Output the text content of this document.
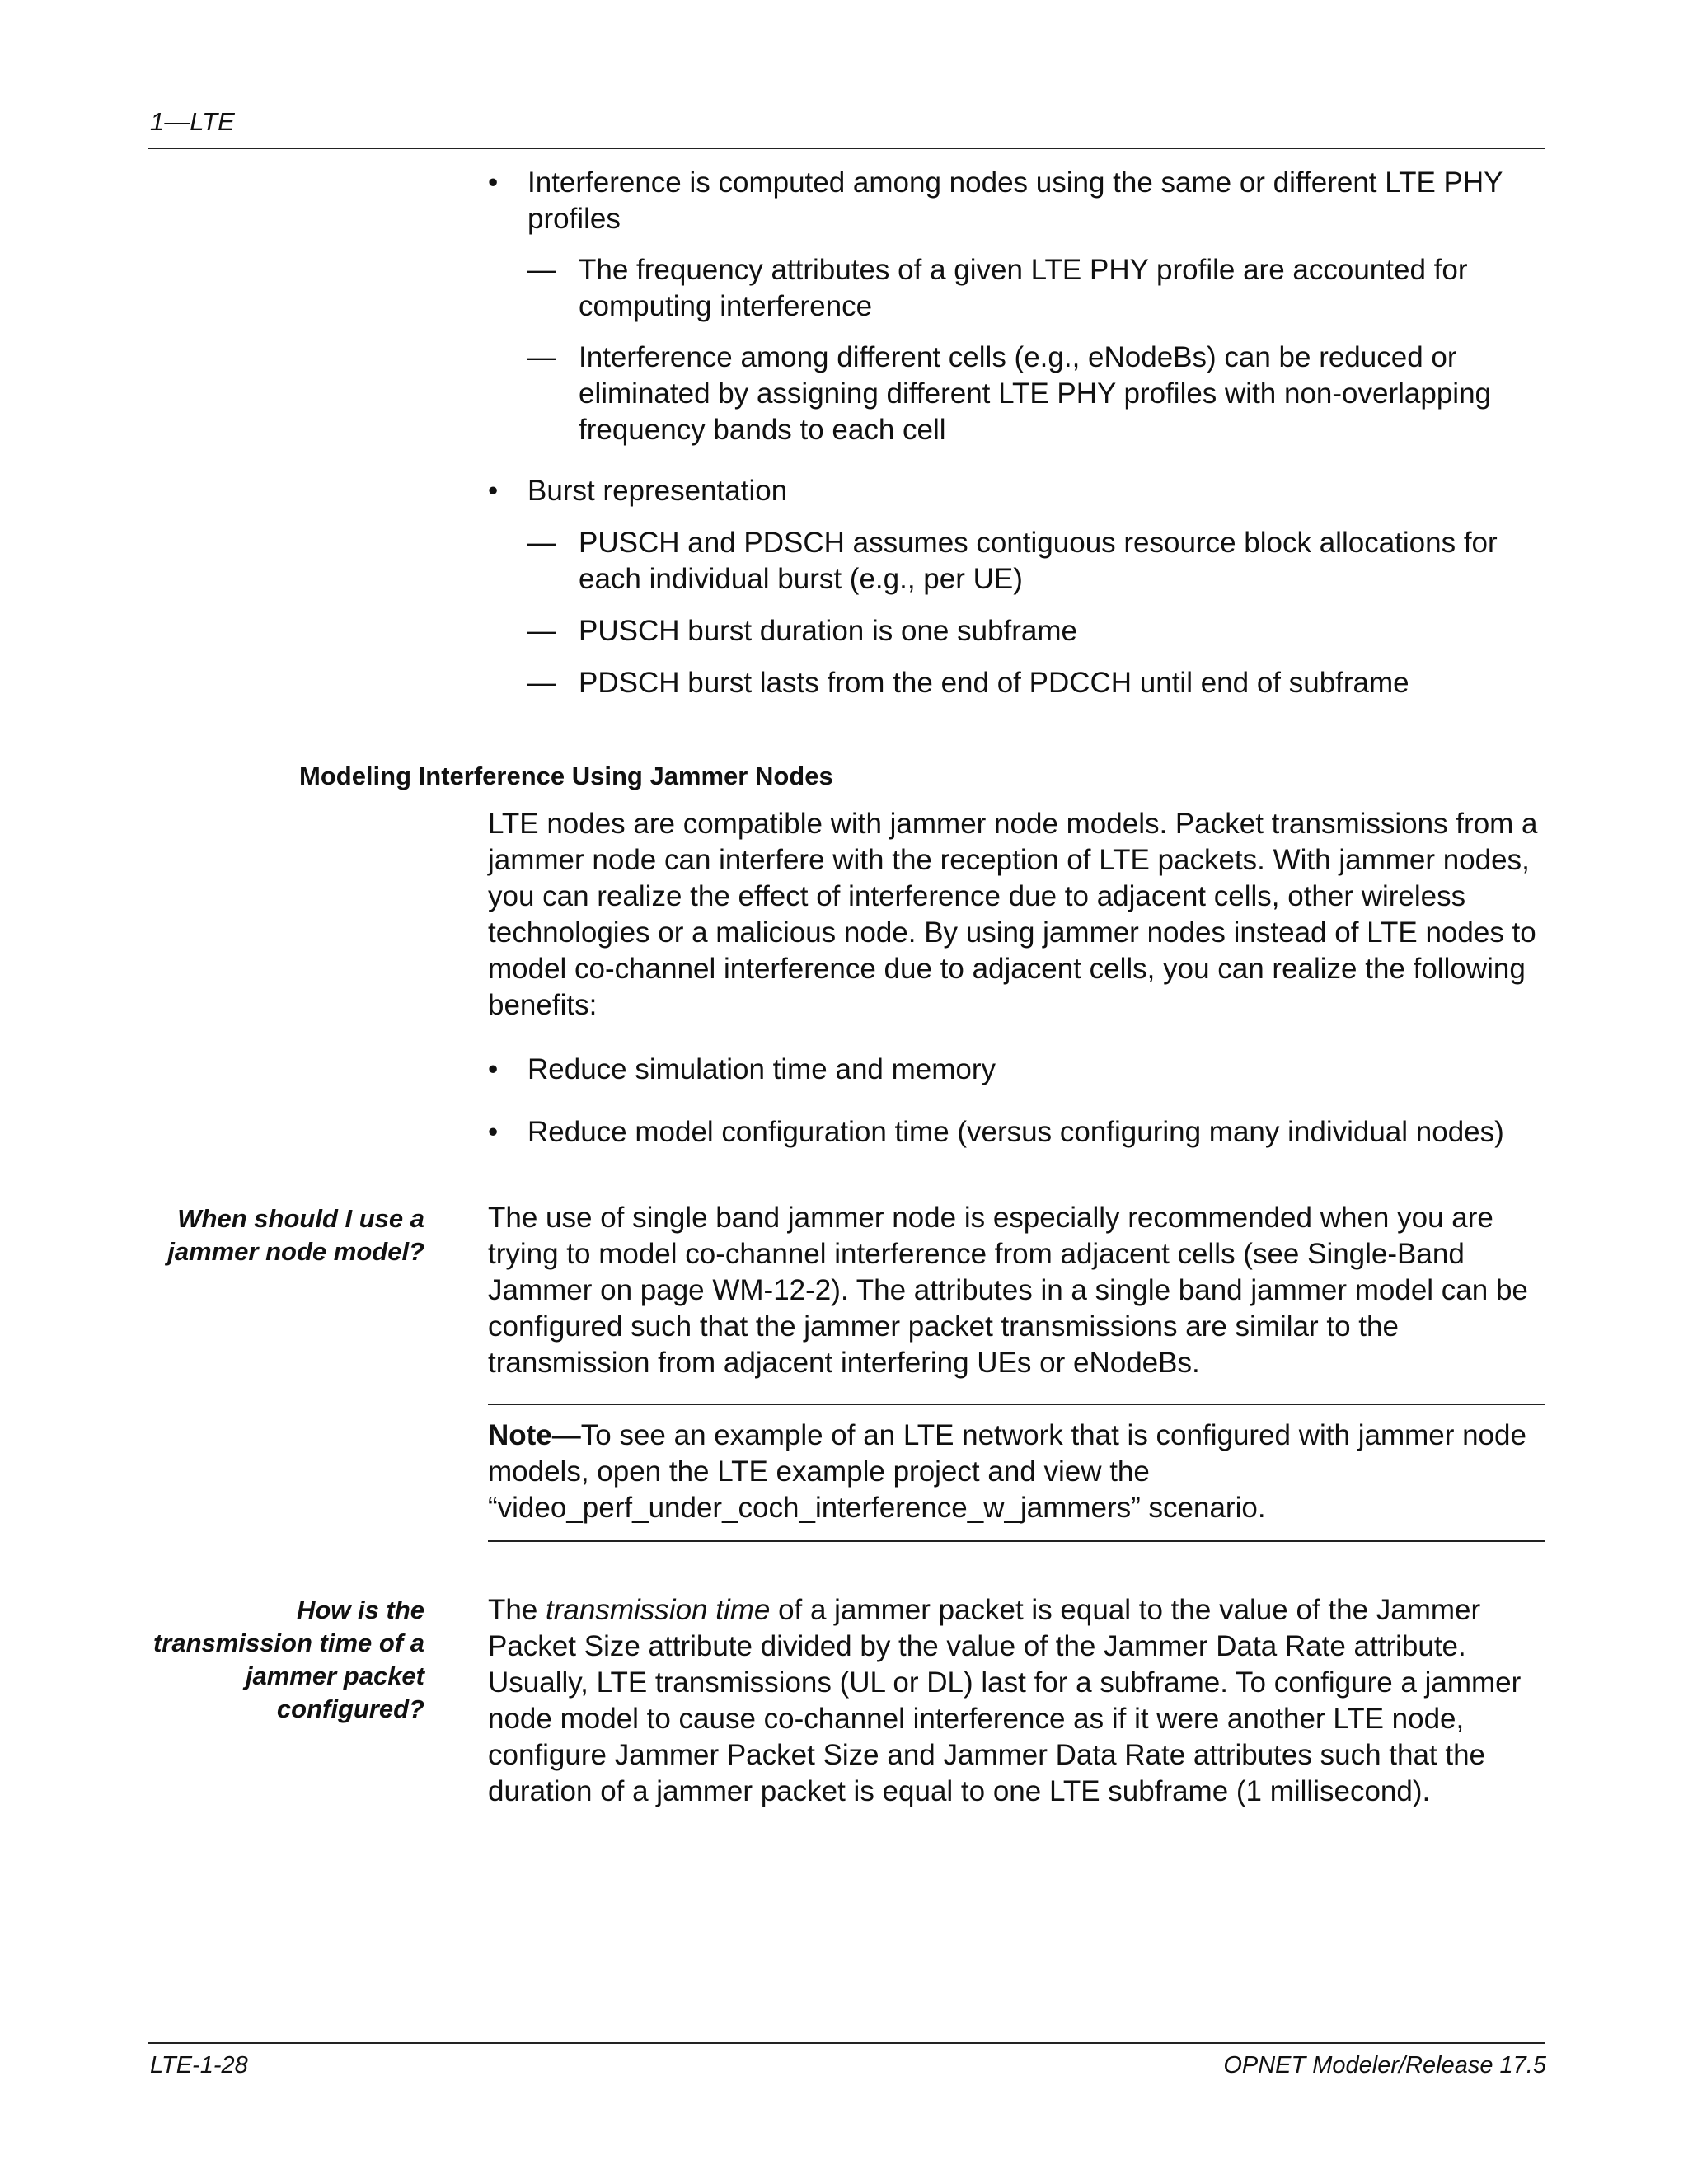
1—LTE
• Interference is computed among nodes using the same or different LTE PHY profiles
— The frequency attributes of a given LTE PHY profile are accounted for computing interference
— Interference among different cells (e.g., eNodeBs) can be reduced or eliminated by assigning different LTE PHY profiles with non-overlapping frequency bands to each cell
• Burst representation
— PUSCH and PDSCH assumes contiguous resource block allocations for each individual burst (e.g., per UE)
— PUSCH burst duration is one subframe
— PDSCH burst lasts from the end of PDCCH until end of subframe
Modeling Interference Using Jammer Nodes
LTE nodes are compatible with jammer node models. Packet transmissions from a jammer node can interfere with the reception of LTE packets. With jammer nodes, you can realize the effect of interference due to adjacent cells, other wireless technologies or a malicious node. By using jammer nodes instead of LTE nodes to model co-channel interference due to adjacent cells, you can realize the following benefits:
• Reduce simulation time and memory
• Reduce model configuration time (versus configuring many individual nodes)
When should I use a jammer node model?
The use of single band jammer node is especially recommended when you are trying to model co-channel interference from adjacent cells (see Single-Band Jammer on page WM-12-2). The attributes in a single band jammer model can be configured such that the jammer packet transmissions are similar to the transmission from adjacent interfering UEs or eNodeBs.
Note—To see an example of an LTE network that is configured with jammer node models, open the LTE example project and view the “video_perf_under_coch_interference_w_jammers” scenario.
How is the transmission time of a jammer packet configured?
The transmission time of a jammer packet is equal to the value of the Jammer Packet Size attribute divided by the value of the Jammer Data Rate attribute. Usually, LTE transmissions (UL or DL) last for a subframe. To configure a jammer node model to cause co-channel interference as if it were another LTE node, configure Jammer Packet Size and Jammer Data Rate attributes such that the duration of a jammer packet is equal to one LTE subframe (1 millisecond).
LTE-1-28	OPNET Modeler/Release 17.5
